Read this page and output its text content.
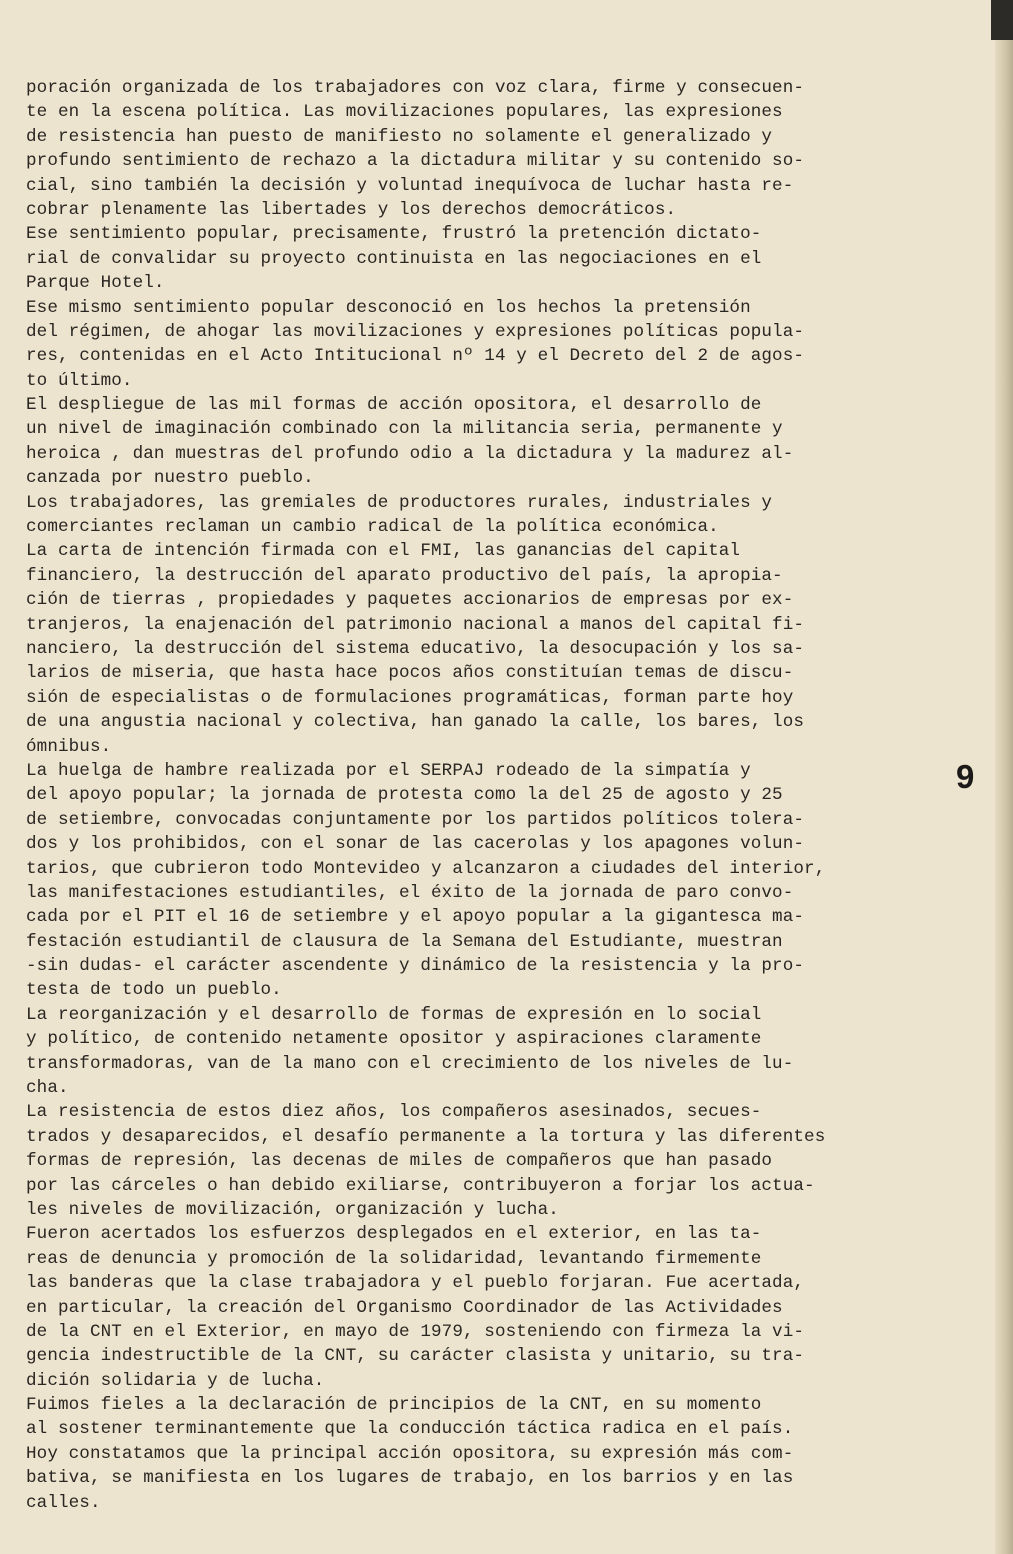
poración organizada de los trabajadores con voz clara, firme y consecuen-
te en la escena política. Las movilizaciones populares, las expresiones
de resistencia han puesto de manifiesto no solamente el generalizado y
profundo sentimiento de rechazo a la dictadura militar y su contenido so-
cial, sino también la decisión y voluntad inequívoca de luchar hasta re-
cobrar plenamente las libertades y los derechos democráticos.
Ese sentimiento popular, precisamente, frustró la pretención dictato-
rial de convalidar su proyecto continuista en las negociaciones en el
Parque Hotel.
Ese mismo sentimiento popular desconoció en los hechos la pretensión
del régimen, de ahogar las movilizaciones y expresiones políticas popula-
res, contenidas en el Acto Intitucional nº 14 y el Decreto del 2 de agos-
to último.
El despliegue de las mil formas de acción opositora, el desarrollo de
un nivel de imaginación combinado con la militancia seria, permanente y
heroica , dan muestras del profundo odio a la dictadura y la madurez al-
canzada por nuestro pueblo.
Los trabajadores, las gremiales de productores rurales, industriales y
comerciantes reclaman un cambio radical de la política económica.
La carta de intención firmada con el FMI, las ganancias del capital
financiero, la destrucción del aparato productivo del país, la apropia-
ción de tierras , propiedades y paquetes accionarios de empresas por ex-
tranjeros, la enajenación del patrimonio nacional a manos del capital fi-
nanciero, la destrucción del sistema educativo, la desocupación y los sa-
larios de miseria, que hasta hace pocos años constituían temas de discu-
sión de especialistas o de formulaciones programáticas, forman parte hoy
de una angustia nacional y colectiva, han ganado la calle, los bares, los
ómnibus.
La huelga de hambre realizada por el SERPAJ rodeado de la simpatía y
del apoyo popular; la jornada de protesta como la del 25 de agosto y 25
de setiembre, convocadas conjuntamente por los partidos políticos tolera-
dos y los prohibidos, con el sonar de las cacerolas y los apagones volun-
tarios, que cubrieron todo Montevideo y alcanzaron a ciudades del interior,
las manifestaciones estudiantiles, el éxito de la jornada de paro convo-
cada por el PIT el 16 de setiembre y el apoyo popular a la gigantesca ma-
festación estudiantil de clausura de la Semana del Estudiante, muestran
-sin dudas- el carácter ascendente y dinámico de la resistencia y la pro-
testa de todo un pueblo.
La reorganización y el desarrollo de formas de expresión en lo social
y político, de contenido netamente opositor y aspiraciones claramente
transformadoras, van de la mano con el crecimiento de los niveles de lu-
cha.
La resistencia de estos diez años, los compañeros asesinados, secues-
trados y desaparecidos, el desafío permanente a la tortura y las diferentes
formas de represión, las decenas de miles de compañeros que han pasado
por las cárceles o han debido exiliarse, contribuyeron a forjar los actua-
les niveles de movilización, organización y lucha.
Fueron acertados los esfuerzos desplegados en el exterior, en las ta-
reas de denuncia y promoción de la solidaridad, levantando firmemente
las banderas que la clase trabajadora y el pueblo forjaran. Fue acertada,
en particular, la creación del Organismo Coordinador de las Actividades
de la CNT en el Exterior, en mayo de 1979, sosteniendo con firmeza la vi-
gencia indestructible de la CNT, su carácter clasista y unitario, su tra-
dición solidaria y de lucha.
Fuimos fieles a la declaración de principios de la CNT, en su momento
al sostener terminantemente que la conducción táctica radica en el país.
Hoy constatamos que la principal acción opositora, su expresión más com-
bativa, se manifiesta en los lugares de trabajo, en los barrios y en las
calles.
9
